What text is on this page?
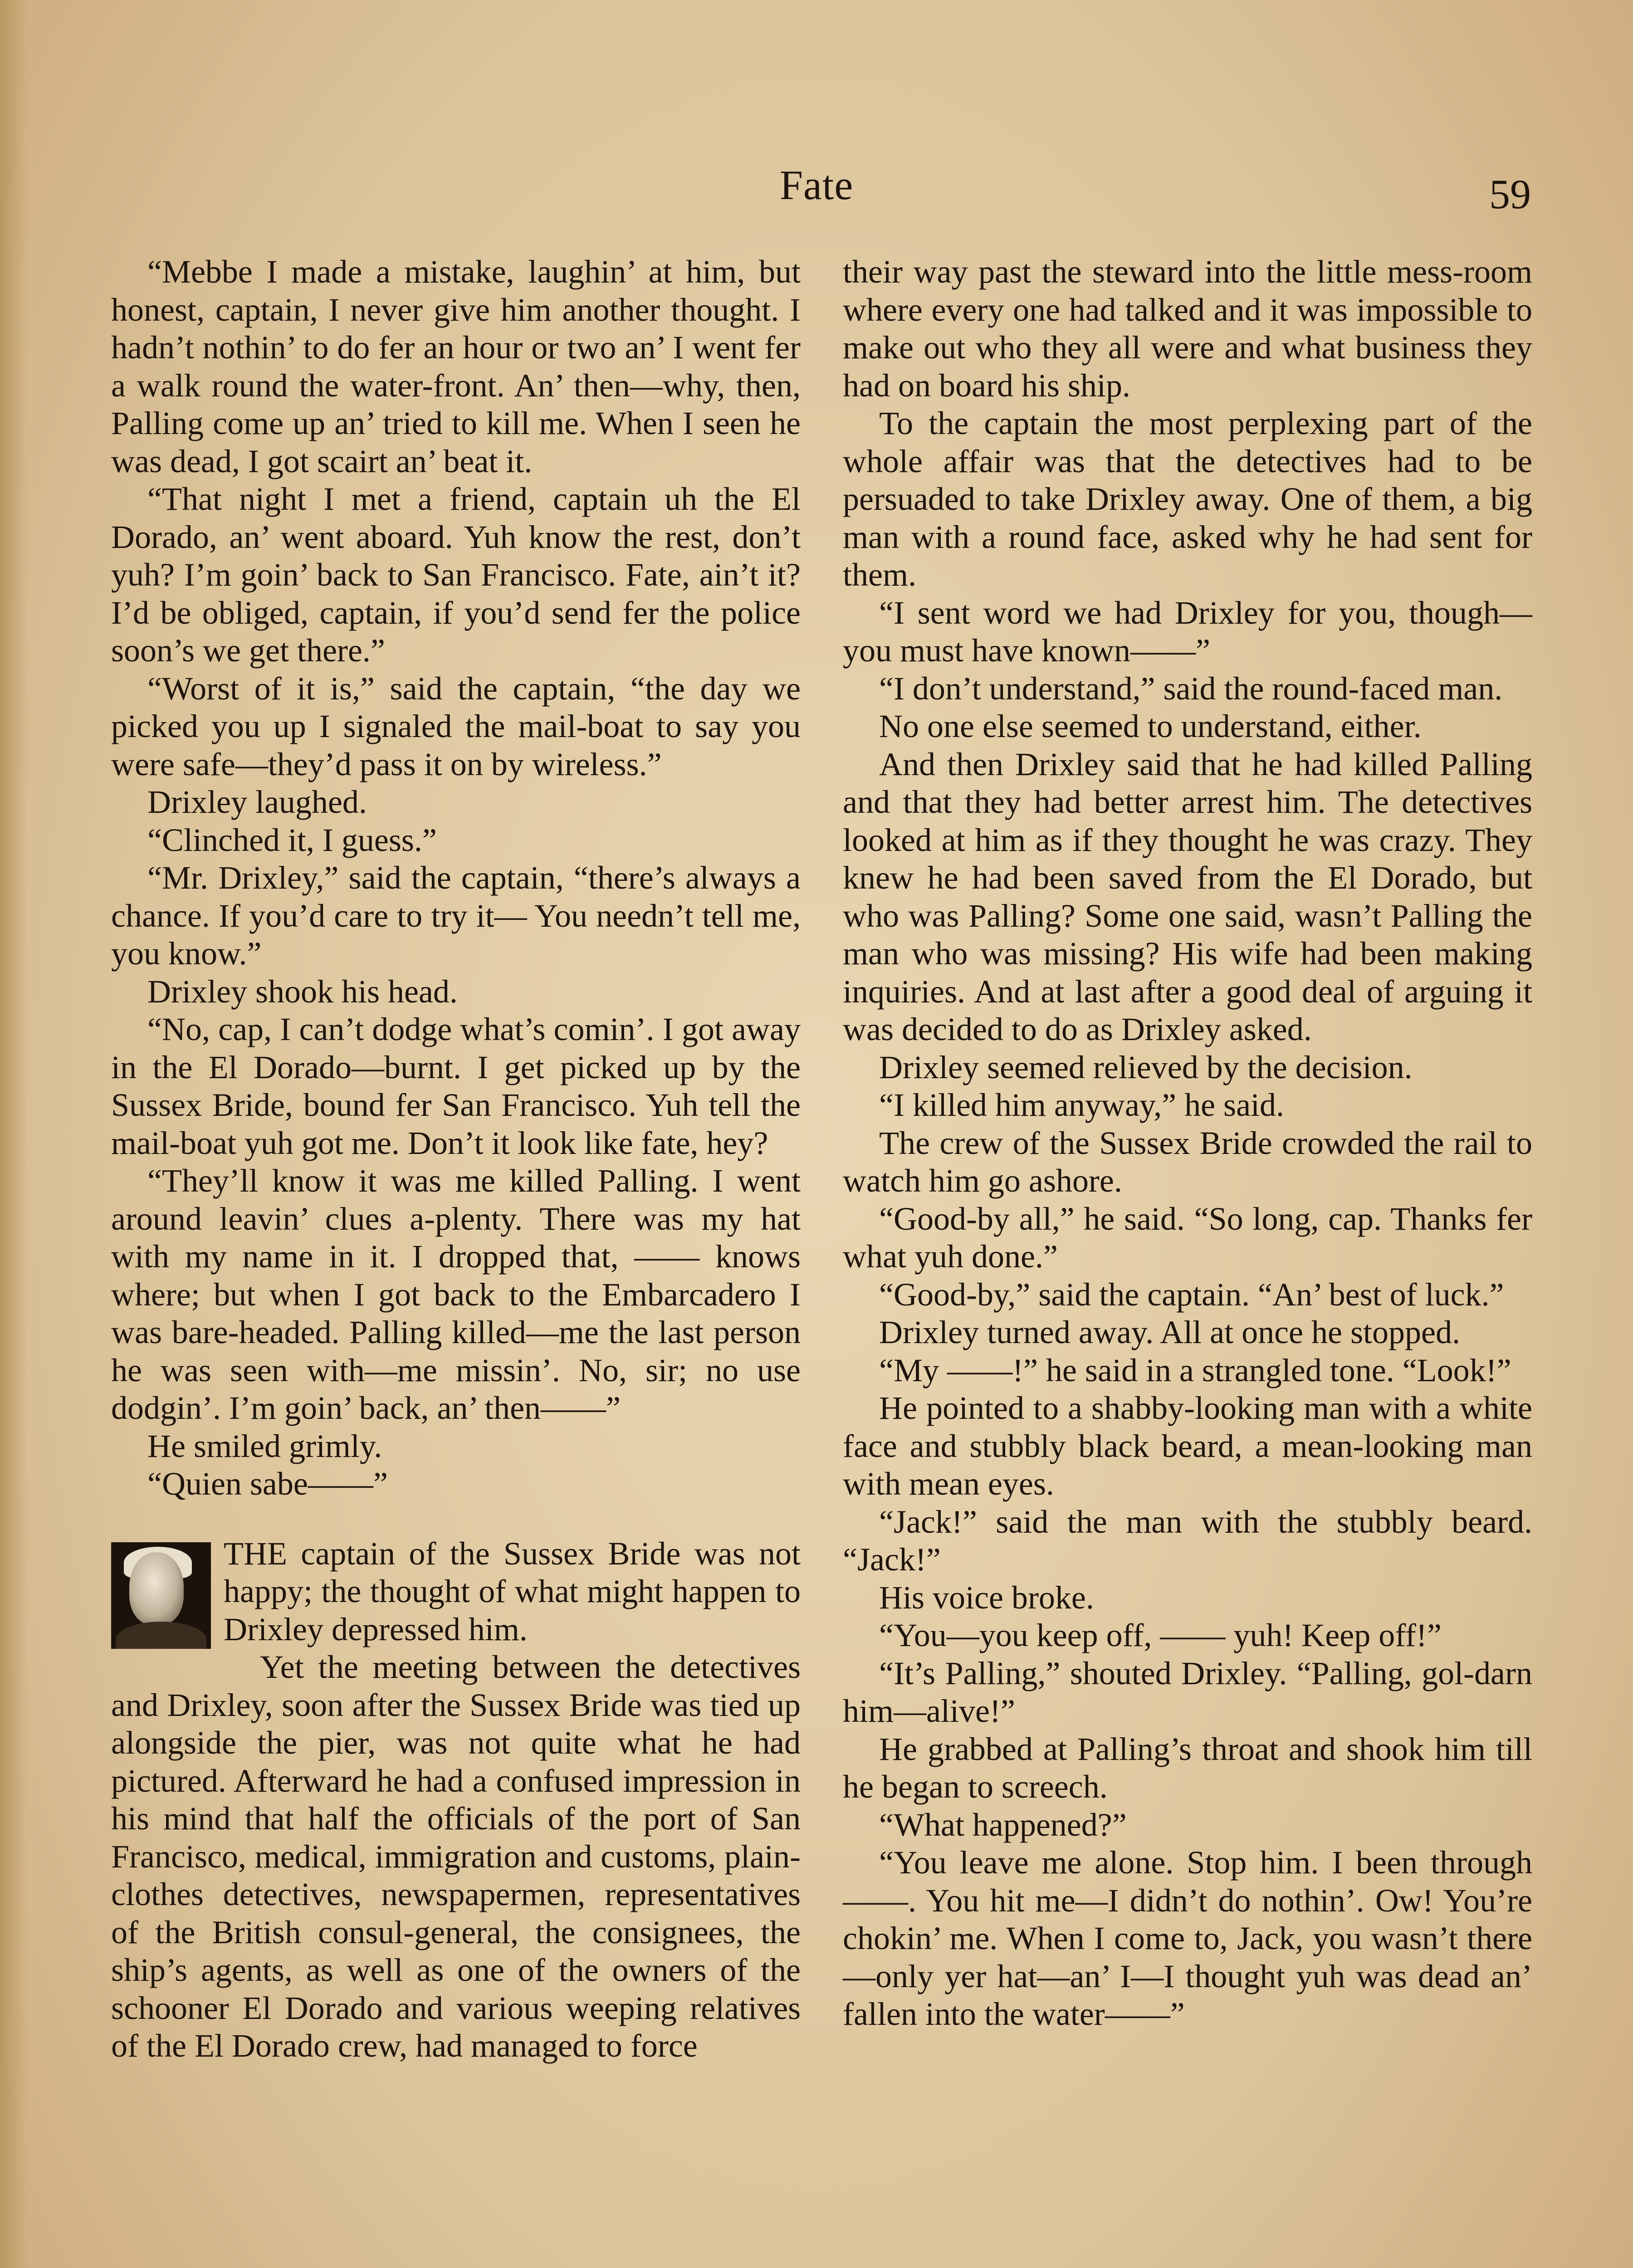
Fate	59

“Mebbe I made a mistake, laughin’ at him, but honest, captain, I never give him another thought. I hadn’t nothin’ to do fer an hour or two an’ I went fer a walk round the water-front. An’ then—why, then, Palling come up an’ tried to kill me. When I seen he was dead, I got scairt an’ beat it.

“That night I met a friend, captain uh the El Dorado, an’ went aboard. Yuh know the rest, don’t yuh? I’m goin’ back to San Francisco. Fate, ain’t it? I’d be obliged, captain, if you’d send fer the police soon’s we get there.”

“Worst of it is,” said the captain, “the day we picked you up I signaled the mail-boat to say you were safe—they’d pass it on by wireless.”

Drixley laughed.

“Clinched it, I guess.”

“Mr. Drixley,” said the captain, “there’s always a chance. If you’d care to try it— You needn’t tell me, you know.”

Drixley shook his head.

“No, cap, I can’t dodge what’s comin’. I got away in the El Dorado—burnt. I get picked up by the Sussex Bride, bound fer San Francisco. Yuh tell the mail-boat yuh got me. Don’t it look like fate, hey?

“They’ll know it was me killed Palling. I went around leavin’ clues a-plenty. There was my hat with my name in it. I dropped that, —— knows where; but when I got back to the Embarcadero I was bare-headed. Palling killed—me the last person he was seen with—me missin’. No, sir; no use dodgin’. I’m goin’ back, an’ then——”

He smiled grimly.

“Quien sabe——”

THE captain of the Sussex Bride was not happy; the thought of what might happen to Drixley depressed him.

Yet the meeting between the detectives and Drixley, soon after the Sussex Bride was tied up alongside the pier, was not quite what he had pictured. Afterward he had a confused impression in his mind that half the officials of the port of San Francisco, medical, immigration and customs, plain-clothes detectives, newspapermen, representatives of the British consul-general, the consignees, the ship’s agents, as well as one of the owners of the schooner El Dorado and various weeping relatives of the El Dorado crew, had managed to force

their way past the steward into the little mess-room where every one had talked and it was impossible to make out who they all were and what business they had on board his ship.

To the captain the most perplexing part of the whole affair was that the detectives had to be persuaded to take Drixley away. One of them, a big man with a round face, asked why he had sent for them.

“I sent word we had Drixley for you, though—you must have known——”

“I don’t understand,” said the round-faced man.

No one else seemed to understand, either.

And then Drixley said that he had killed Palling and that they had better arrest him. The detectives looked at him as if they thought he was crazy. They knew he had been saved from the El Dorado, but who was Palling? Some one said, wasn’t Palling the man who was missing? His wife had been making inquiries. And at last after a good deal of arguing it was decided to do as Drixley asked.

Drixley seemed relieved by the decision.

“I killed him anyway,” he said.

The crew of the Sussex Bride crowded the rail to watch him go ashore.

“Good-by all,” he said. “So long, cap. Thanks fer what yuh done.”

“Good-by,” said the captain. “An’ best of luck.”

Drixley turned away. All at once he stopped.

“My ——!” he said in a strangled tone. “Look!”

He pointed to a shabby-looking man with a white face and stubbly black beard, a mean-looking man with mean eyes.

“Jack!” said the man with the stubbly beard. “Jack!”

His voice broke.

“You—you keep off, —— yuh! Keep off!”

“It’s Palling,” shouted Drixley. “Palling, gol-darn him—alive!”

He grabbed at Palling’s throat and shook him till he began to screech.

“What happened?”

“You leave me alone. Stop him. I been through ——. You hit me—I didn’t do nothin’. Ow! You’re chokin’ me. When I come to, Jack, you wasn’t there—only yer hat—an’ I—I thought yuh was dead an’ fallen into the water——”
